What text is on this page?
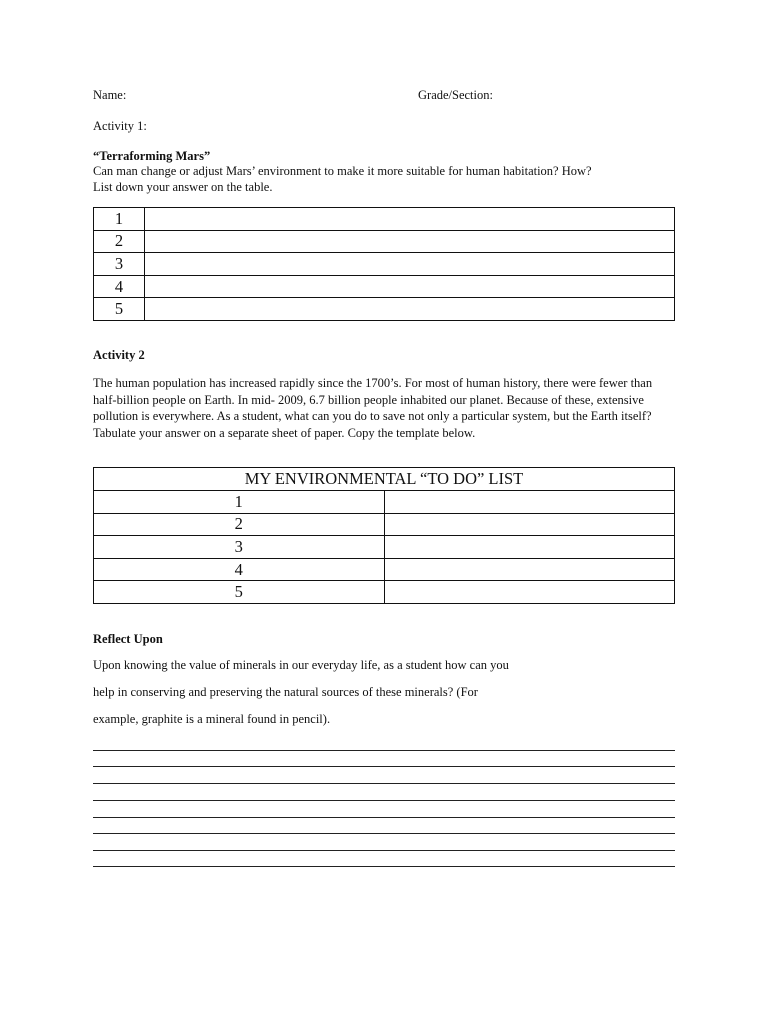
Name:	Grade/Section:
Activity 1:
“Terraforming Mars”
Can man change or adjust Mars’ environment to make it more suitable for human habitation? How?
List down your answer on the table.
1	
2	
3	
4	
5	
Activity 2
The human population has increased rapidly since the 1700’s. For most of human history, there were fewer than half-billion people on Earth. In mid- 2009, 6.7 billion people inhabited our planet. Because of these, extensive pollution is everywhere. As a student, what can you do to save not only a particular system, but the Earth itself? Tabulate your answer on a separate sheet of paper. Copy the template below.
MY ENVIRONMENTAL “TO DO” LIST	
1	
2	
3	
4	
5	
Reflect Upon
Upon knowing the value of minerals in our everyday life, as a student how can you
help in conserving and preserving the natural sources of these minerals? (For
example, graphite is a mineral found in pencil).
